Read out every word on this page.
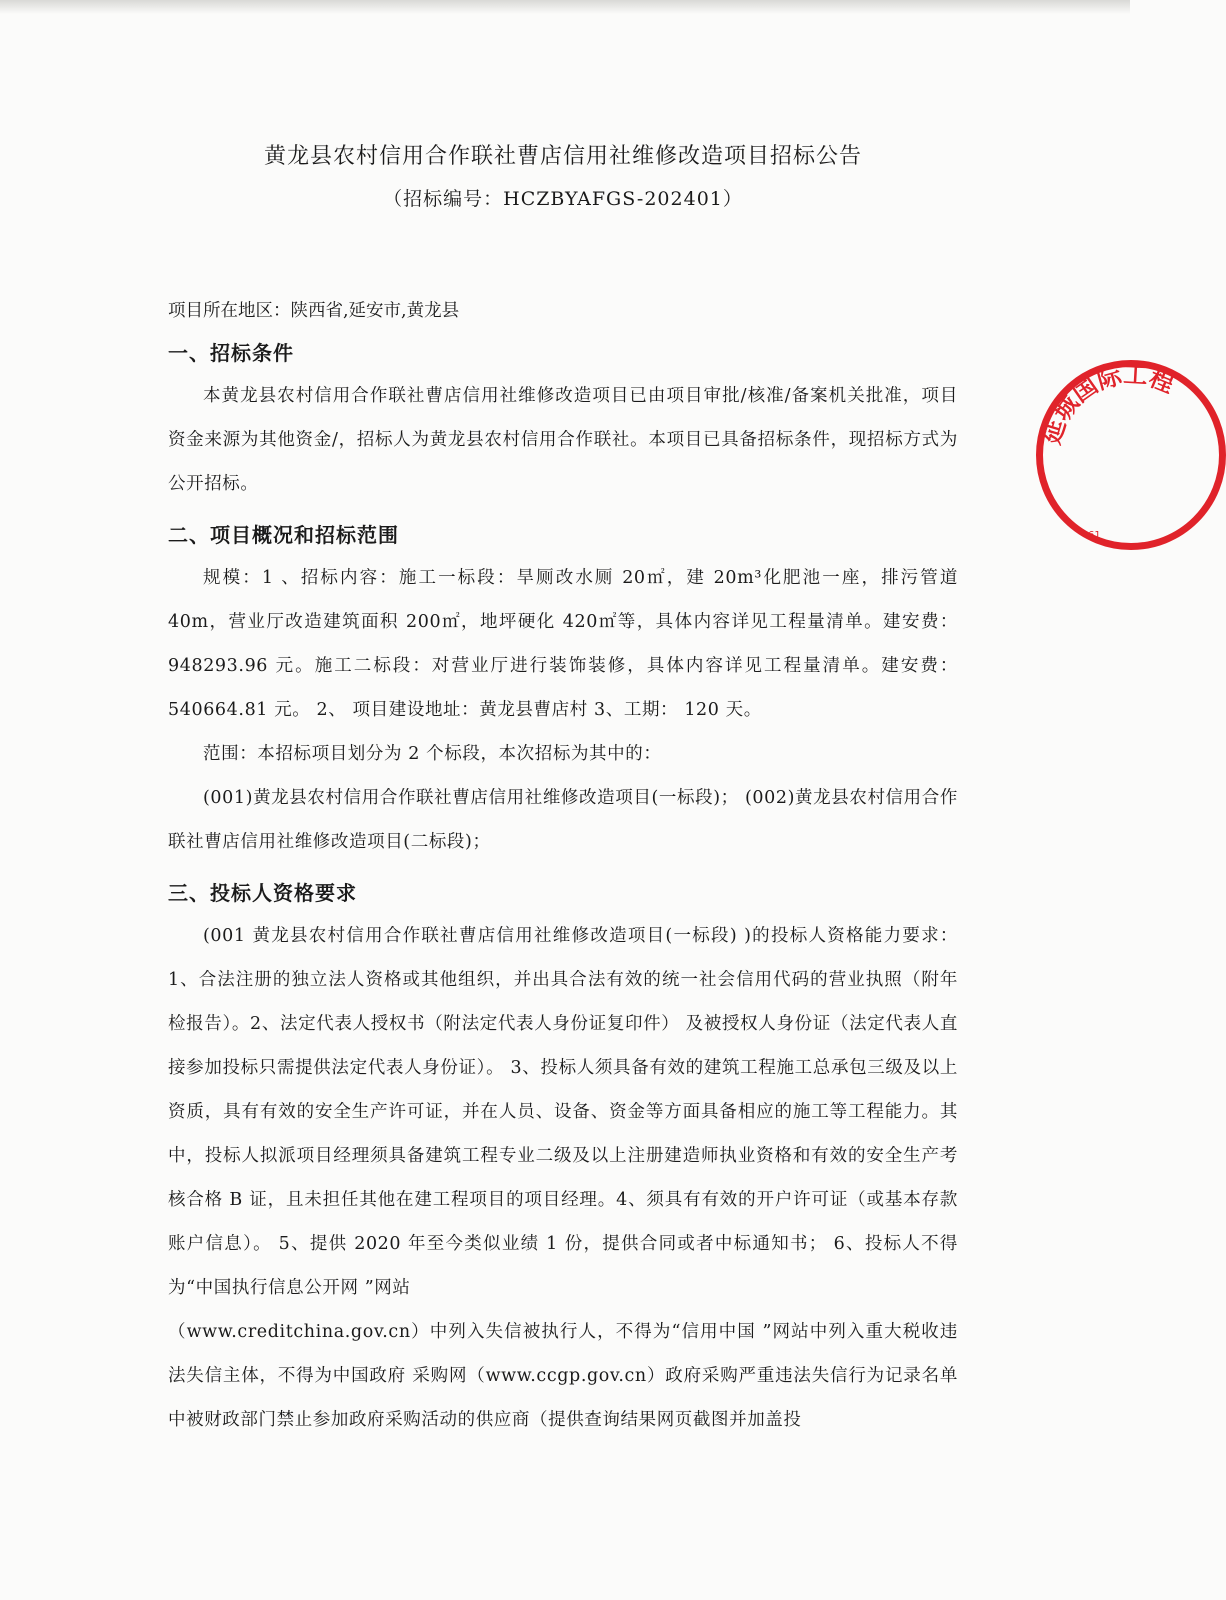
黄龙县农村信用合作联社曹店信用社维修改造项目招标公告
（招标编号：HCZBYAFGS-202401）
项目所在地区：陕西省,延安市,黄龙县
一、招标条件

本黄龙县农村信用合作联社曹店信用社维修改造项目已由项目审批/核准/备案机关批准，项目资金来源为其他资金/，招标人为黄龙县农村信用合作联社。本项目已具备招标条件，现招标方式为公开招标。

二、项目概况和招标范围

规模：1 、招标内容：施工一标段：旱厕改水厕 20㎡，建 20m³化肥池一座，排污管道 40m，营业厅改造建筑面积 200㎡，地坪硬化 420㎡等，具体内容详见工程量清单。建安费：948293.96 元。施工二标段：对营业厅进行装饰装修，具体内容详见工程量清单。建安费：540664.81 元。 2、 项目建设地址：黄龙县曹店村 3、工期： 120 天。

范围：本招标项目划分为 2 个标段，本次招标为其中的：

(001)黄龙县农村信用合作联社曹店信用社维修改造项目(一标段)； (002)黄龙县农村信用合作联社曹店信用社维修改造项目(二标段)；

三、投标人资格要求

(001 黄龙县农村信用合作联社曹店信用社维修改造项目(一标段) )的投标人资格能力要求：1、合法注册的独立法人资格或其他组织，并出具合法有效的统一社会信用代码的营业执照（附年检报告）。2、法定代表人授权书（附法定代表人身份证复印件） 及被授权人身份证（法定代表人直接参加投标只需提供法定代表人身份证）。 3、投标人须具备有效的建筑工程施工总承包三级及以上资质，具有有效的安全生产许可证，并在人员、设备、资金等方面具备相应的施工等工程能力。其中，投标人拟派项目经理须具备建筑工程专业二级及以上注册建造师执业资格和有效的安全生产考核合格 B 证，且未担任其他在建工程项目的项目经理。4、须具有有效的开户许可证（或基本存款账户信息）。 5、提供 2020 年至今类似业绩 1 份，提供合同或者中标通知书； 6、投标人不得为“中国执行信息公开网 ”网站

（www.creditchina.gov.cn）中列入失信被执行人，不得为“信用中国 ”网站中列入重大税收违法失信主体，不得为中国政府 采购网（www.ccgp.gov.cn）政府采购严重违法失信行为记录名单中被财政部门禁止参加政府采购活动的供应商（提供查询结果网页截图并加盖投

延城国际工程
61
